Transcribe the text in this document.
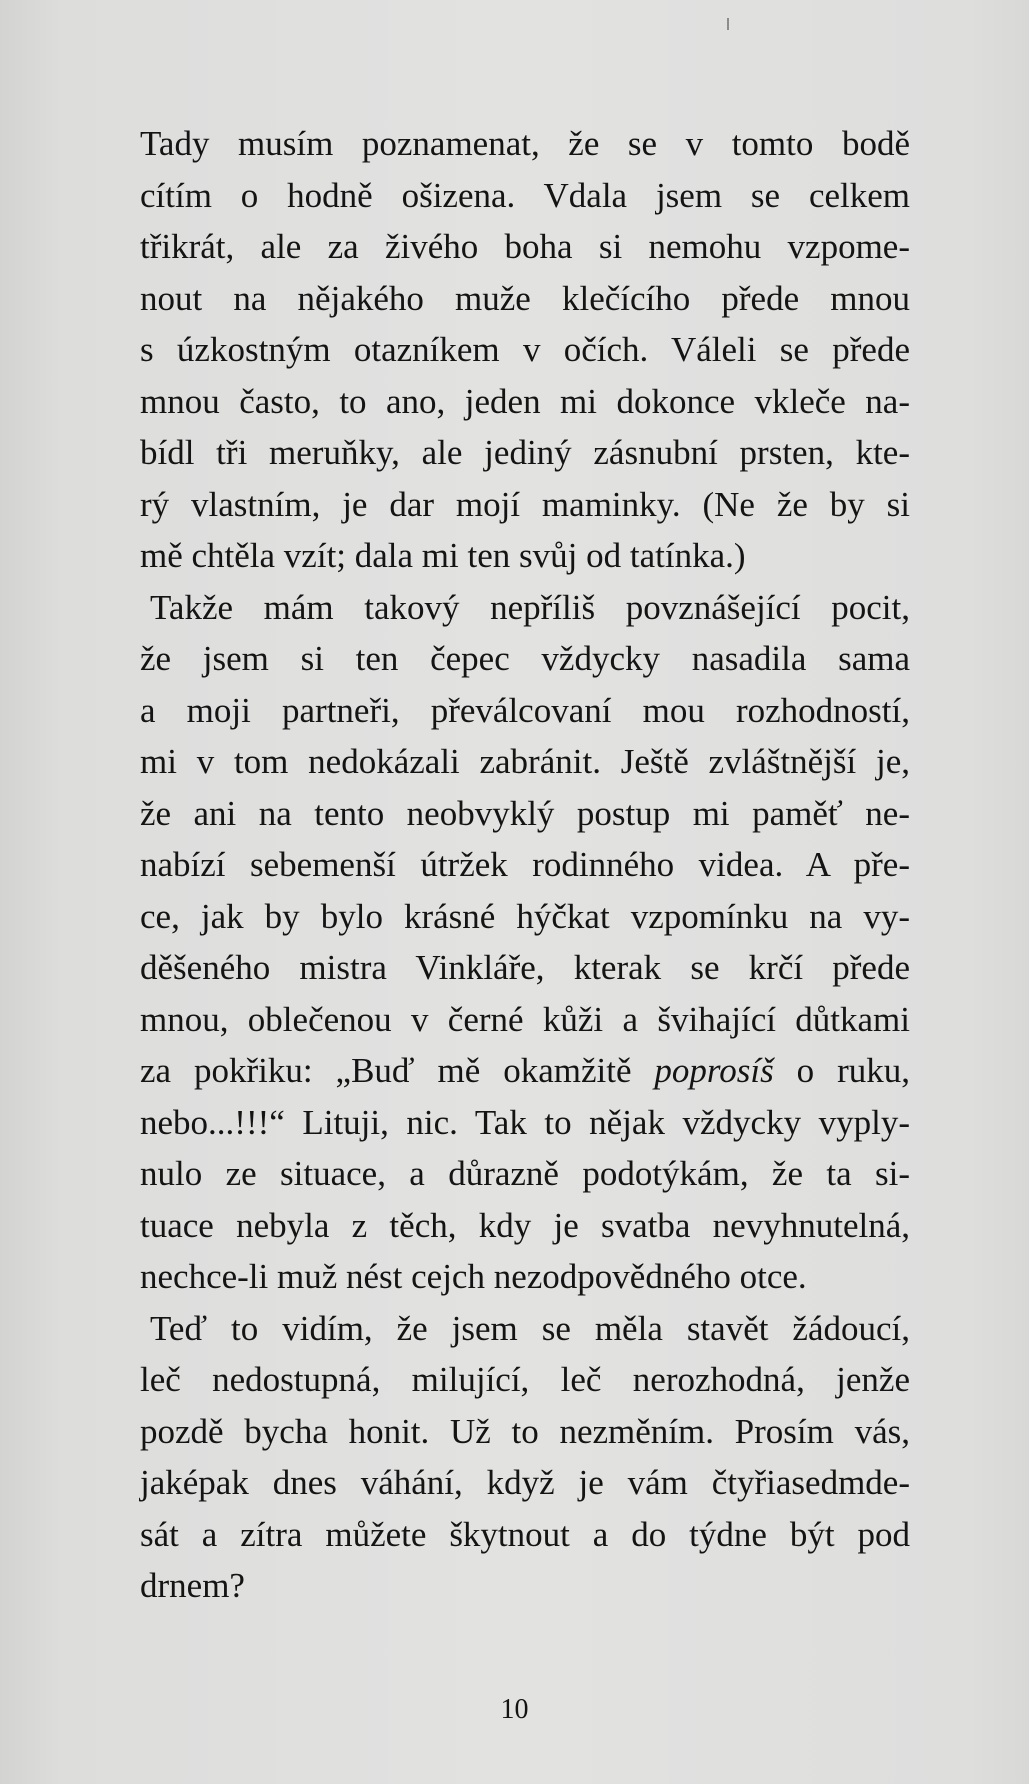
Tady musím poznamenat, že se v tomto bodě
cítím o hodně ošizena. Vdala jsem se celkem
třikrát, ale za živého boha si nemohu vzpome-
nout na nějakého muže klečícího přede mnou
s úzkostným otazníkem v očích. Váleli se přede
mnou často, to ano, jeden mi dokonce vkleče na-
bídl tři meruňky, ale jediný zásnubní prsten, kte-
rý vlastním, je dar mojí maminky. (Ne že by si
mě chtěla vzít; dala mi ten svůj od tatínka.)
Takže mám takový nepříliš povznášející pocit,
že jsem si ten čepec vždycky nasadila sama
a moji partneři, převálcovaní mou rozhodností,
mi v tom nedokázali zabránit. Ještě zvláštnější je,
že ani na tento neobvyklý postup mi paměť ne-
nabízí sebemenší útržek rodinného videa. A pře-
ce, jak by bylo krásné hýčkat vzpomínku na vy-
děšeného mistra Vinkláře, kterak se krčí přede
mnou, oblečenou v černé kůži a švihající důtkami
za pokřiku: „Buď mě okamžitě poprosíš o ruku,
nebo...!!!“ Lituji, nic. Tak to nějak vždycky vyply-
nulo ze situace, a důrazně podotýkám, že ta si-
tuace nebyla z těch, kdy je svatba nevyhnutelná,
nechce-li muž nést cejch nezodpovědného otce.
Teď to vidím, že jsem se měla stavět žádoucí,
leč nedostupná, milující, leč nerozhodná, jenže
pozdě bycha honit. Už to nezměním. Prosím vás,
jaképak dnes váhání, když je vám čtyřiasedmde-
sát a zítra můžete škytnout a do týdne být pod
drnem?
10
